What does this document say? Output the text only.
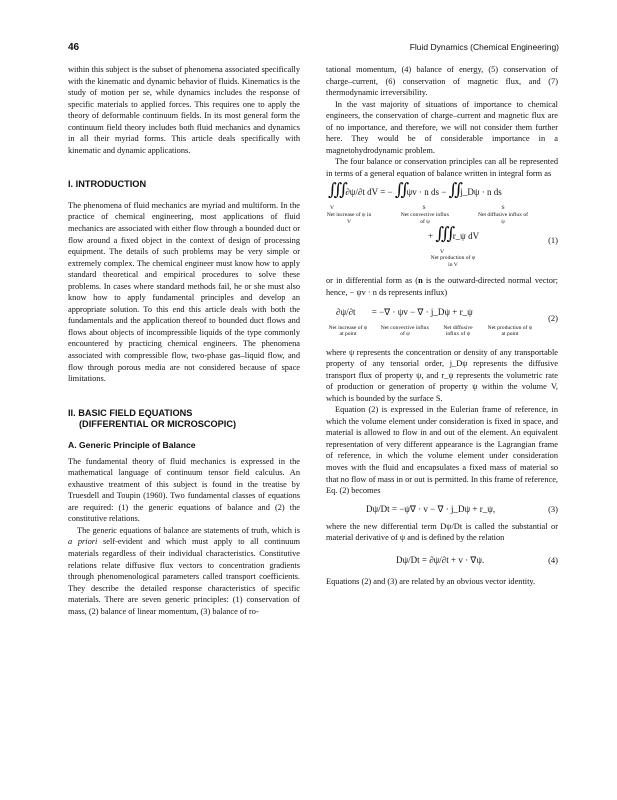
46	Fluid Dynamics (Chemical Engineering)

within this subject is the subset of phenomena associated specifically with the kinematic and dynamic behavior of fluids. Kinematics is the study of motion per se, while dynamics includes the response of specific materials to applied forces. This requires one to apply the theory of deformable continuum fields. In its most general form the continuum field theory includes both fluid mechanics and dynamics in all their myriad forms. This article deals specifically with kinematic and dynamic applications.

I. INTRODUCTION

The phenomena of fluid mechanics are myriad and multiform. In the practice of chemical engineering, most applications of fluid mechanics are associated with either flow through a bounded duct or flow around a fixed object in the context of design of processing equipment. The details of such problems may be very simple or extremely complex. The chemical engineer must know how to apply standard theoretical and empirical procedures to solve these problems. In cases where standard methods fail, he or she must also know how to apply fundamental principles and develop an appropriate solution. To this end this article deals with both the fundamentals and the application thereof to bounded duct flows and flows about objects of incompressible liquids of the type commonly encountered by practicing chemical engineers. The phenomena associated with compressible flow, two-phase gas–liquid flow, and flow through porous media are not considered because of space limitations.

II. BASIC FIELD EQUATIONS
(DIFFERENTIAL OR MICROSCOPIC)
A. Generic Principle of Balance

The fundamental theory of fluid mechanics is expressed in the mathematical language of continuum tensor field calculus. An exhaustive treatment of this subject is found in the treatise by Truesdell and Toupin (1960). Two fundamental classes of equations are required: (1) the generic equations of balance and (2) the constitutive relations.

The generic equations of balance are statements of truth, which is a priori self-evident and which must apply to all continuum materials regardless of their individual characteristics. Constitutive relations relate diffusive flux vectors to concentration gradients through phenomenological parameters called transport coefficients. They describe the detailed response characteristics of specific materials. There are seven generic principles: (1) conservation of mass, (2) balance of linear momentum, (3) balance of ro-

tational momentum, (4) balance of energy, (5) conservation of charge–current, (6) conservation of magnetic flux, and (7) thermodynamic irreversibility.

In the vast majority of situations of importance to chemical engineers, the conservation of charge–current and magnetic flux are of no importance, and therefore, we will not consider them further here. They would be of considerable importance in a magnetohydrodynamic problem.

The four balance or conservation principles can all be represented in terms of a general equation of balance written in integral form as

∭ ∂ψ/∂t dV = − ∬ ψv · n ds − ∬ j_Dψ · n ds
V	S	S
Net increase of ψ in V
Net convective influx of ψ
Net diffusive influx of ψ
+ ∭ r_ψ dV	(1)
V
Net production of ψ in V

or in differential form as (n is the outward-directed normal vector; hence, − ψv · n ds represents influx)

∂ψ/∂t = −∇ · ψv − ∇ · j_Dψ + r_ψ
(2)
Net increase of ψ at point
Net convective influx of ψ
Net diffusive influx of ψ
Net production of ψ at point

where ψ represents the concentration or density of any transportable property of any tensorial order, j_Dψ represents the diffusive transport flux of property ψ, and r_ψ represents the volumetric rate of production or generation of property ψ within the volume V, which is bounded by the surface S.

Equation (2) is expressed in the Eulerian frame of reference, in which the volume element under consideration is fixed in space, and material is allowed to flow in and out of the element. An equivalent representation of very different appearance is the Lagrangian frame of reference, in which the volume element under consideration moves with the fluid and encapsulates a fixed mass of material so that no flow of mass in or out is permitted. In this frame of reference, Eq. (2) becomes

Dψ/Dt = −ψ∇ · v − ∇ · j_Dψ + r_ψ,	(3)

where the new differential term Dψ/Dt is called the substantial or material derivative of ψ and is defined by the relation

Dψ/Dt = ∂ψ/∂t + v · ∇ψ.	(4)

Equations (2) and (3) are related by an obvious vector identity.
